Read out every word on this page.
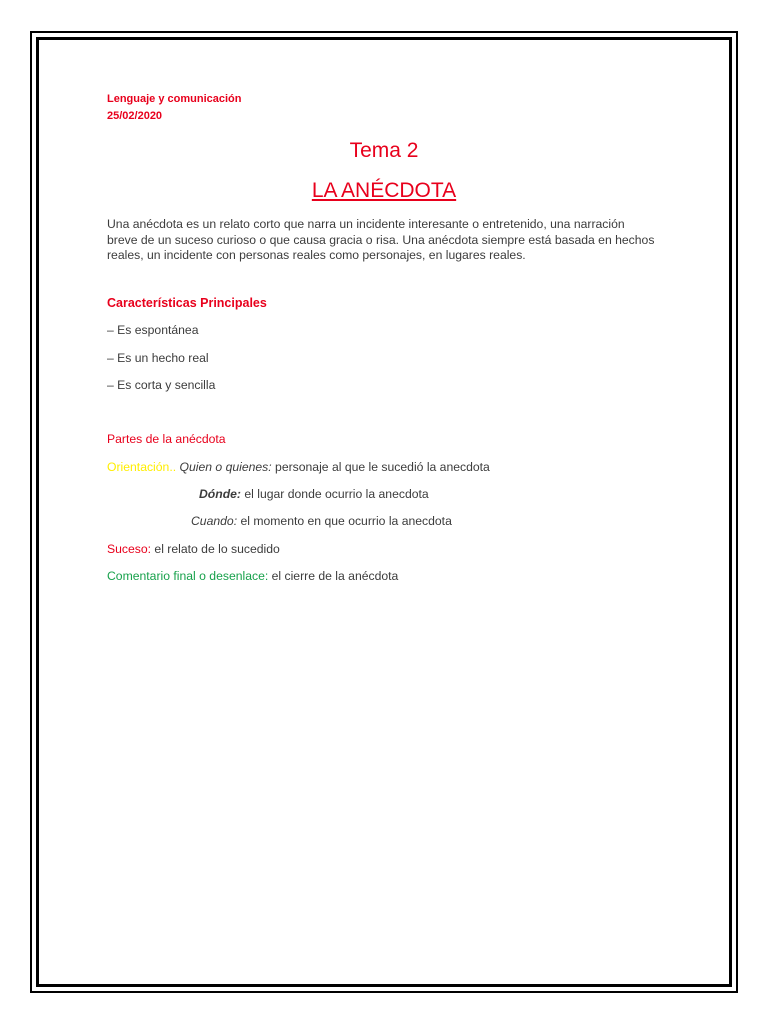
Lenguaje y comunicación
25/02/2020
Tema 2
LA ANÉCDOTA
Una anécdota es un relato corto que narra un incidente interesante o entretenido, una narración breve de un suceso curioso o que causa gracia o risa. Una anécdota siempre está basada en hechos reales, un incidente con personas reales como personajes, en lugares reales.
Características Principales
– Es espontánea
– Es un hecho real
– Es corta y sencilla
Partes de la anécdota
Orientación.. Quien o quienes: personaje al que le sucedió la anecdota
Dónde: el lugar donde ocurrio la anecdota
Cuando: el momento en que ocurrio la anecdota
Suceso: el relato de lo sucedido
Comentario final o desenlace: el cierre de la anécdota
